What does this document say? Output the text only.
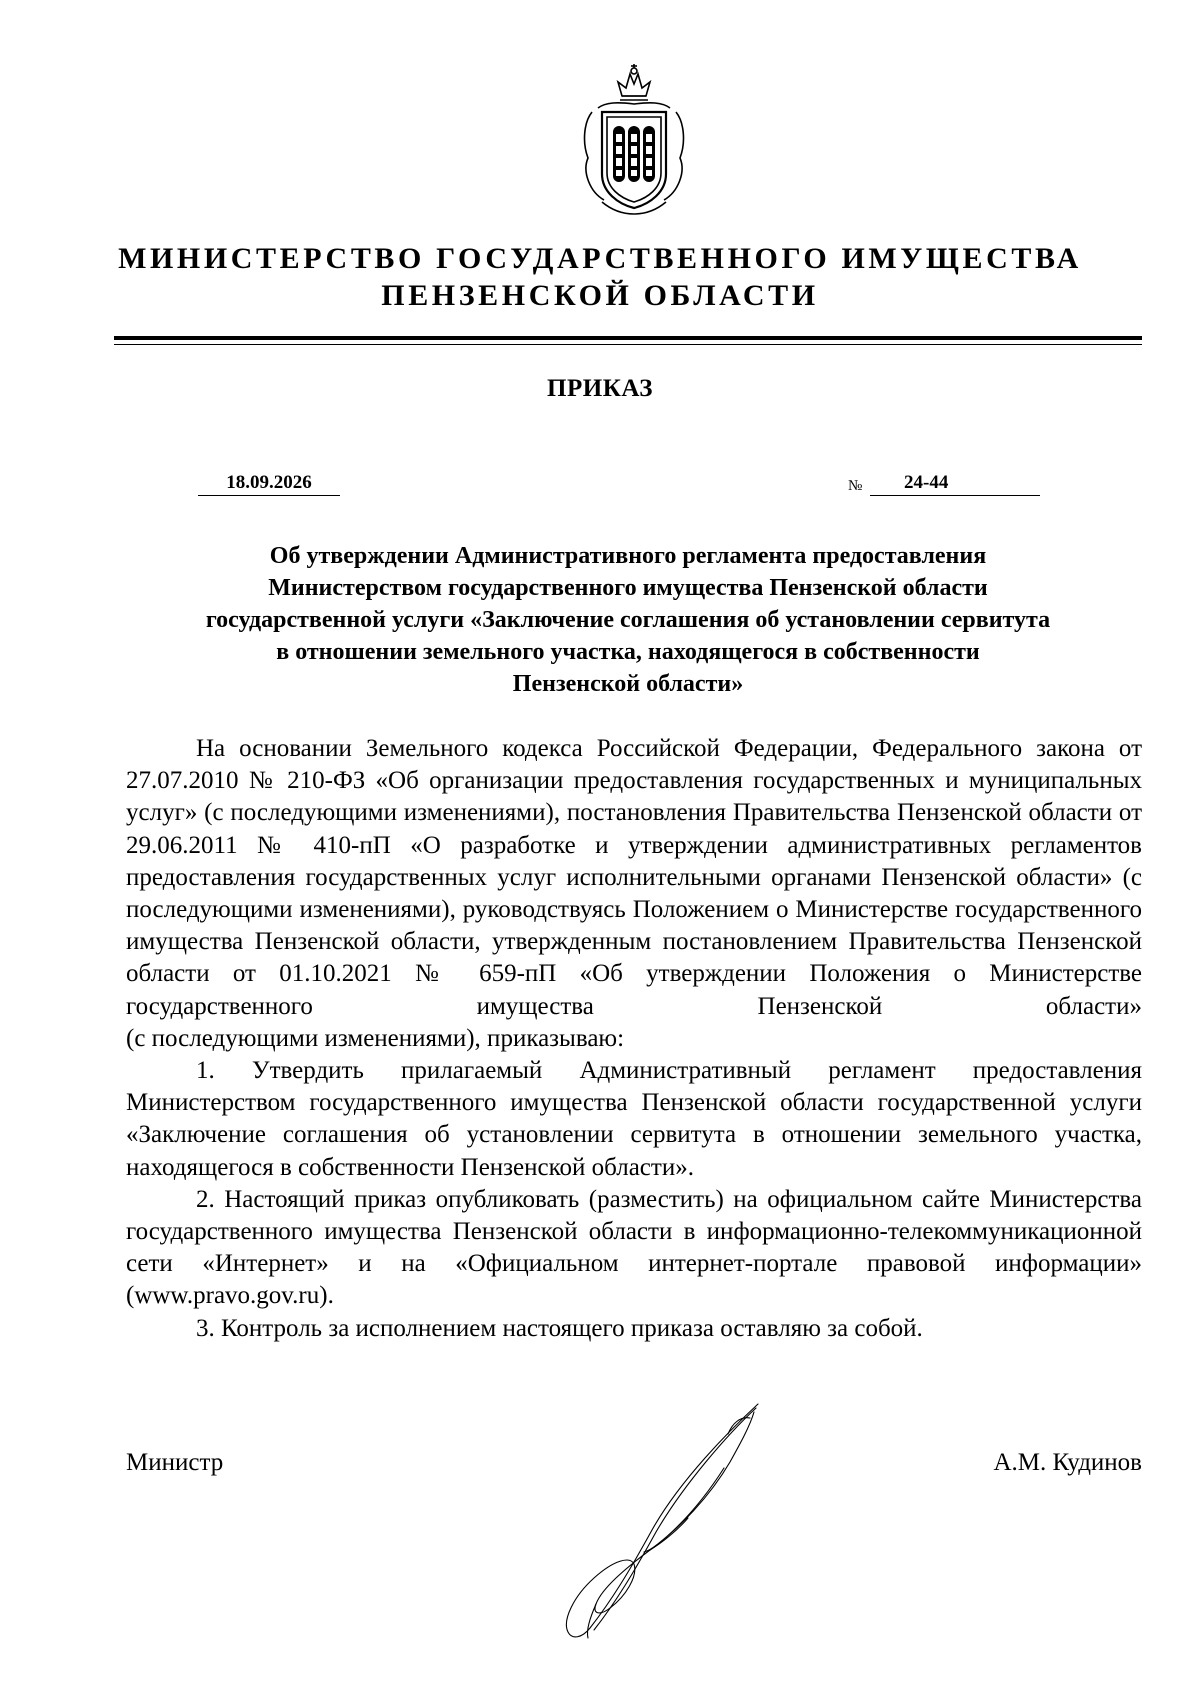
МИНИСТЕРСТВО ГОСУДАРСТВЕННОГО ИМУЩЕСТВА
ПЕНЗЕНСКОЙ ОБЛАСТИ
ПРИКАЗ
18.09.2026	№	24-44
Об утверждении Административного регламента предоставления
Министерством государственного имущества Пензенской области
государственной услуги «Заключение соглашения об установлении сервитута
в отношении земельного участка, находящегося в собственности
Пензенской области»

На основании Земельного кодекса Российской Федерации, Федерального закона от 27.07.2010 № 210-ФЗ «Об организации предоставления государственных и муниципальных услуг» (с последующими изменениями), постановления Правительства Пензенской области от 29.06.2011 № 410-пП «О разработке и утверждении административных регламентов предоставления государственных услуг исполнительными органами Пензенской области» (с последующими изменениями), руководствуясь Положением о Министерстве государственного имущества Пензенской области, утвержденным постановлением Правительства Пензенской области от 01.10.2021 № 659-пП «Об утверждении Положения о Министерстве государственного имущества Пензенской области»

(с последующими изменениями), приказываю:

1. Утвердить прилагаемый Административный регламент предоставления Министерством государственного имущества Пензенской области государственной услуги «Заключение соглашения об установлении сервитута в отношении земельного участка, находящегося в собственности Пензенской области».

2. Настоящий приказ опубликовать (разместить) на официальном сайте Министерства государственного имущества Пензенской области в информационно-телекоммуникационной сети «Интернет» и на «Официальном интернет-портале правовой информации» (www.pravo.gov.ru).

3. Контроль за исполнением настоящего приказа оставляю за собой.

Министр	А.М. Кудинов
